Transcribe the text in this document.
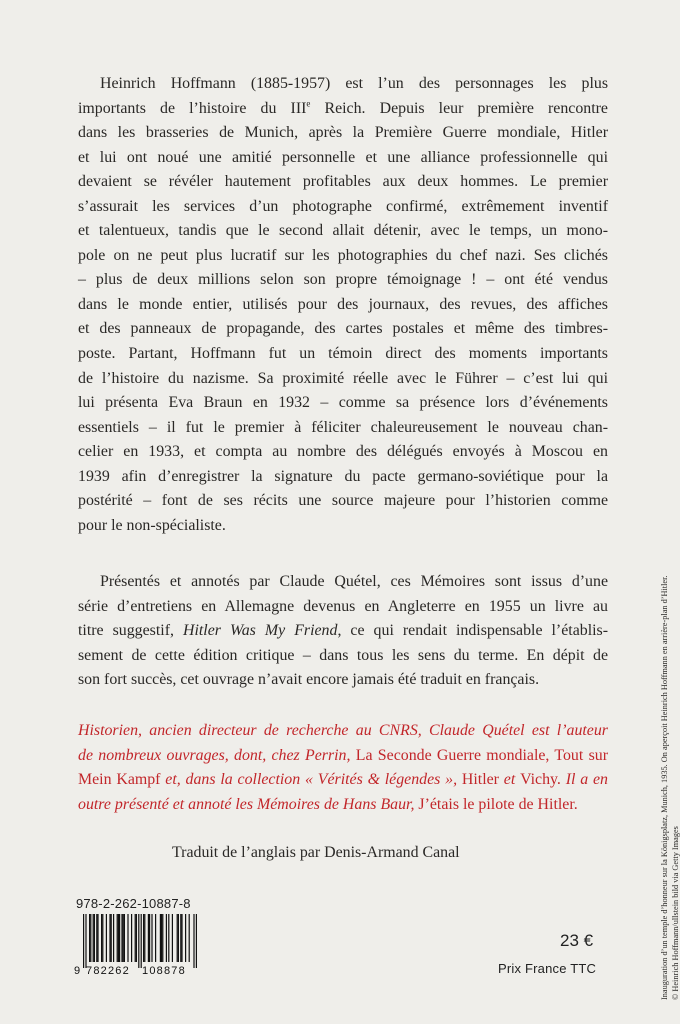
Heinrich Hoffmann (1885-1957) est l’un des personnages les plus
importants de l’histoire du IIIe Reich. Depuis leur première rencontre
dans les brasseries de Munich, après la Première Guerre mondiale, Hitler
et lui ont noué une amitié personnelle et une alliance professionnelle qui
devaient se révéler hautement profitables aux deux hommes. Le premier
s’assurait les services d’un photographe confirmé, extrêmement inventif
et talentueux, tandis que le second allait détenir, avec le temps, un mono-
pole on ne peut plus lucratif sur les photographies du chef nazi. Ses clichés
– plus de deux millions selon son propre témoignage ! – ont été vendus
dans le monde entier, utilisés pour des journaux, des revues, des affiches
et des panneaux de propagande, des cartes postales et même des timbres-
poste. Partant, Hoffmann fut un témoin direct des moments importants
de l’histoire du nazisme. Sa proximité réelle avec le Führer – c’est lui qui
lui présenta Eva Braun en 1932 – comme sa présence lors d’événements
essentiels – il fut le premier à féliciter chaleureusement le nouveau chan-
celier en 1933, et compta au nombre des délégués envoyés à Moscou en
1939 afin d’enregistrer la signature du pacte germano-soviétique pour la
postérité – font de ses récits une source majeure pour l’historien comme
pour le non-spécialiste.
Présentés et annotés par Claude Quétel, ces Mémoires sont issus d’une
série d’entretiens en Allemagne devenus en Angleterre en 1955 un livre au
titre suggestif, Hitler Was My Friend, ce qui rendait indispensable l’établis-
sement de cette édition critique – dans tous les sens du terme. En dépit de
son fort succès, cet ouvrage n’avait encore jamais été traduit en français.
Historien, ancien directeur de recherche au CNRS, Claude Quétel est l’auteur
de nombreux ouvrages, dont, chez Perrin, La Seconde Guerre mondiale, Tout sur
Mein Kampf et, dans la collection « Vérités & légendes », Hitler et Vichy. Il a en
outre présenté et annoté les Mémoires de Hans Baur, J’étais le pilote de Hitler.
Traduit de l’anglais par Denis-Armand Canal
978-2-262-10887-8
9 782262 108878
23 €
Prix France TTC	Inauguration d’un temple d’honneur sur la Königsplatz, Munich, 1935. On aperçoit Heinrich Hoffmann en arrière-plan d’Hitler. © Heinrich Hoffmann/ullstein bild via Getty Images
